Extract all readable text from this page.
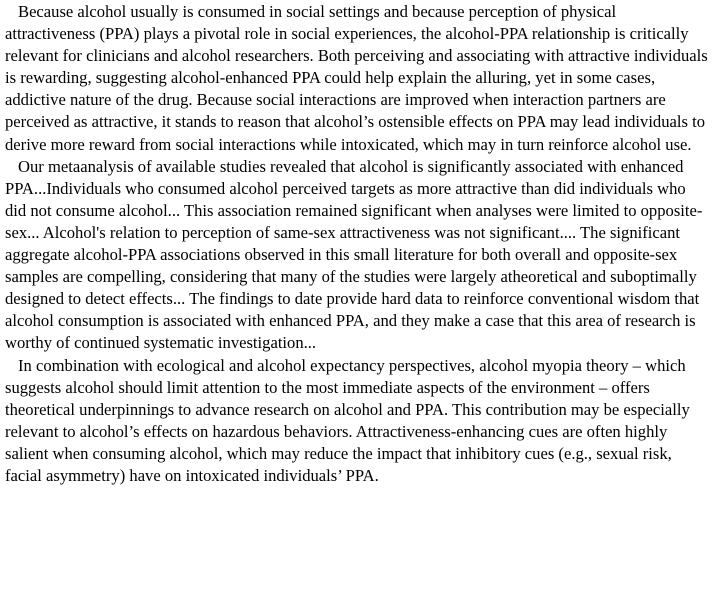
Because alcohol usually is consumed in social settings and because perception of physical attractiveness (PPA) plays a pivotal role in social experiences, the alcohol-PPA relationship is critically relevant for clinicians and alcohol researchers. Both perceiving and associating with attractive individuals is rewarding, suggesting alcohol-enhanced PPA could help explain the alluring, yet in some cases, addictive nature of the drug. Because social interactions are improved when interaction partners are perceived as attractive, it stands to reason that alcohol’s ostensible effects on PPA may lead individuals to derive more reward from social interactions while intoxicated, which may in turn reinforce alcohol use.

Our metaanalysis of available studies revealed that alcohol is significantly associated with enhanced PPA...Individuals who consumed alcohol perceived targets as more attractive than did individuals who did not consume alcohol... This association remained significant when analyses were limited to opposite-sex... Alcohol's relation to perception of same-sex attractiveness was not significant.... The significant aggregate alcohol-PPA associations observed in this small literature for both overall and opposite-sex samples are compelling, considering that many of the studies were largely atheoretical and suboptimally designed to detect effects... The findings to date provide hard data to reinforce conventional wisdom that alcohol consumption is associated with enhanced PPA, and they make a case that this area of research is worthy of continued systematic investigation...

In combination with ecological and alcohol expectancy perspectives, alcohol myopia theory – which suggests alcohol should limit attention to the most immediate aspects of the environment – offers theoretical underpinnings to advance research on alcohol and PPA. This contribution may be especially relevant to alcohol’s effects on hazardous behaviors. Attractiveness-enhancing cues are often highly salient when consuming alcohol, which may reduce the impact that inhibitory cues (e.g., sexual risk, facial asymmetry) have on intoxicated individuals’ PPA.
